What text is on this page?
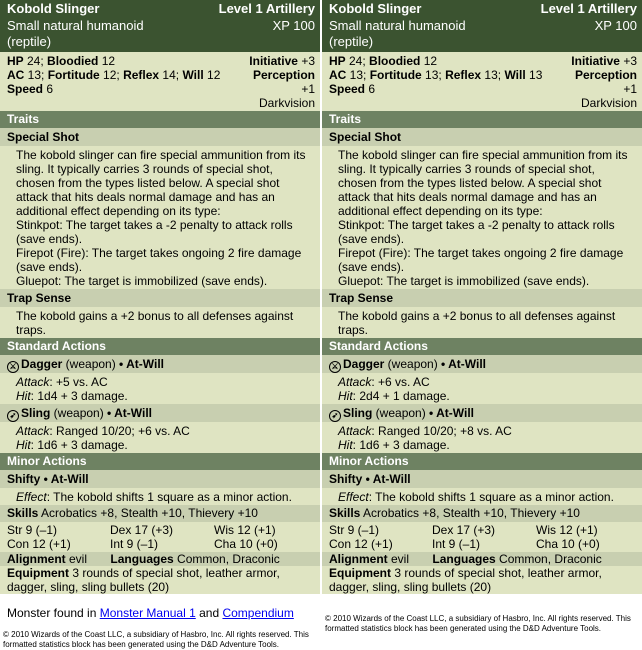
Kobold Slinger	Level 1 Artillery
Small natural humanoid (reptile)
XP 100
HP 24; Bloodied 12
AC 13; Fortitude 12; Reflex 14; Will 12
Speed 6
Initiative +3
Perception
+1
Darkvision
Traits
Special Shot
The kobold slinger can fire special ammunition from its sling. It typically carries 3 rounds of special shot, chosen from the types listed below. A special shot attack that hits deals normal damage and has an additional effect depending on its type:
Stinkpot: The target takes a -2 penalty to attack rolls (save ends).
Firepot (Fire): The target takes ongoing 2 fire damage (save ends).
Gluepot: The target is immobilized (save ends).
Trap Sense
The kobold gains a +2 bonus to all defenses against traps.
Standard Actions
⚔ Dagger (weapon) • At-Will
Attack: +5 vs. AC
Hit: 1d4 + 3 damage.
➶ Sling (weapon) • At-Will
Attack: Ranged 10/20; +6 vs. AC
Hit: 1d6 + 3 damage.
Minor Actions
Shifty • At-Will
Effect: The kobold shifts 1 square as a minor action.
Skills Acrobatics +8, Stealth +10, Thievery +10
Str 9 (–1)	Dex 17 (+3)	Wis 12 (+1)
Con 12 (+1)	Int 9 (–1)	Cha 10 (+0)
Alignment evil Languages Common, Draconic
Equipment 3 rounds of special shot, leather armor, dagger, sling, sling bullets (20)
Kobold Slinger	Level 1 Artillery
Small natural humanoid (reptile)
XP 100
HP 24; Bloodied 12
AC 13; Fortitude 13; Reflex 13; Will 13
Speed 6
Initiative +3
Perception
+1
Darkvision
Traits
Special Shot
The kobold slinger can fire special ammunition from its sling. It typically carries 3 rounds of special shot, chosen from the types listed below. A special shot attack that hits deals normal damage and has an additional effect depending on its type:
Stinkpot: The target takes a -2 penalty to attack rolls (save ends).
Firepot (Fire): The target takes ongoing 2 fire damage (save ends).
Gluepot: The target is immobilized (save ends).
Trap Sense
The kobold gains a +2 bonus to all defenses against traps.
Standard Actions
⚔ Dagger (weapon) • At-Will
Attack: +6 vs. AC
Hit: 2d4 + 1 damage.
➶ Sling (weapon) • At-Will
Attack: Ranged 10/20; +8 vs. AC
Hit: 1d6 + 3 damage.
Minor Actions
Shifty • At-Will
Effect: The kobold shifts 1 square as a minor action.
Skills Acrobatics +8, Stealth +10, Thievery +10
Str 9 (–1)	Dex 17 (+3)	Wis 12 (+1)
Con 12 (+1)	Int 9 (–1)	Cha 10 (+0)
Alignment evil Languages Common, Draconic
Equipment 3 rounds of special shot, leather armor, dagger, sling, sling bullets (20)
Monster found in Monster Manual 1 and Compendium
© 2010 Wizards of the Coast LLC, a subsidiary of Hasbro, Inc. All rights reserved. This formatted statistics block has been generated using the D&D Adventure Tools.
© 2010 Wizards of the Coast LLC, a subsidiary of Hasbro, Inc. All rights reserved. This formatted statistics block has been generated using the D&D Adventure Tools.
